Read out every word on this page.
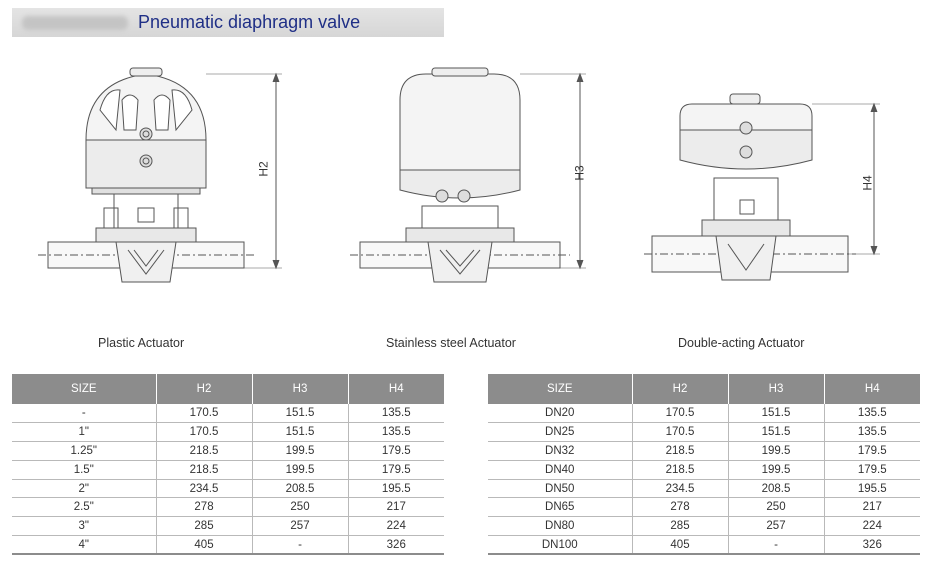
Pneumatic diaphragm valve
H2
Plastic Actuator
H3
Stainless steel Actuator
H4
Double-acting Actuator
SIZE	H2	H3	H4
-	170.5	151.5	135.5
1"	170.5	151.5	135.5
1.25"	218.5	199.5	179.5
1.5"	218.5	199.5	179.5
2"	234.5	208.5	195.5
2.5"	278	250	217
3"	285	257	224
4"	405	-	326
SIZE	H2	H3	H4
DN20	170.5	151.5	135.5
DN25	170.5	151.5	135.5
DN32	218.5	199.5	179.5
DN40	218.5	199.5	179.5
DN50	234.5	208.5	195.5
DN65	278	250	217
DN80	285	257	224
DN100	405	-	326
